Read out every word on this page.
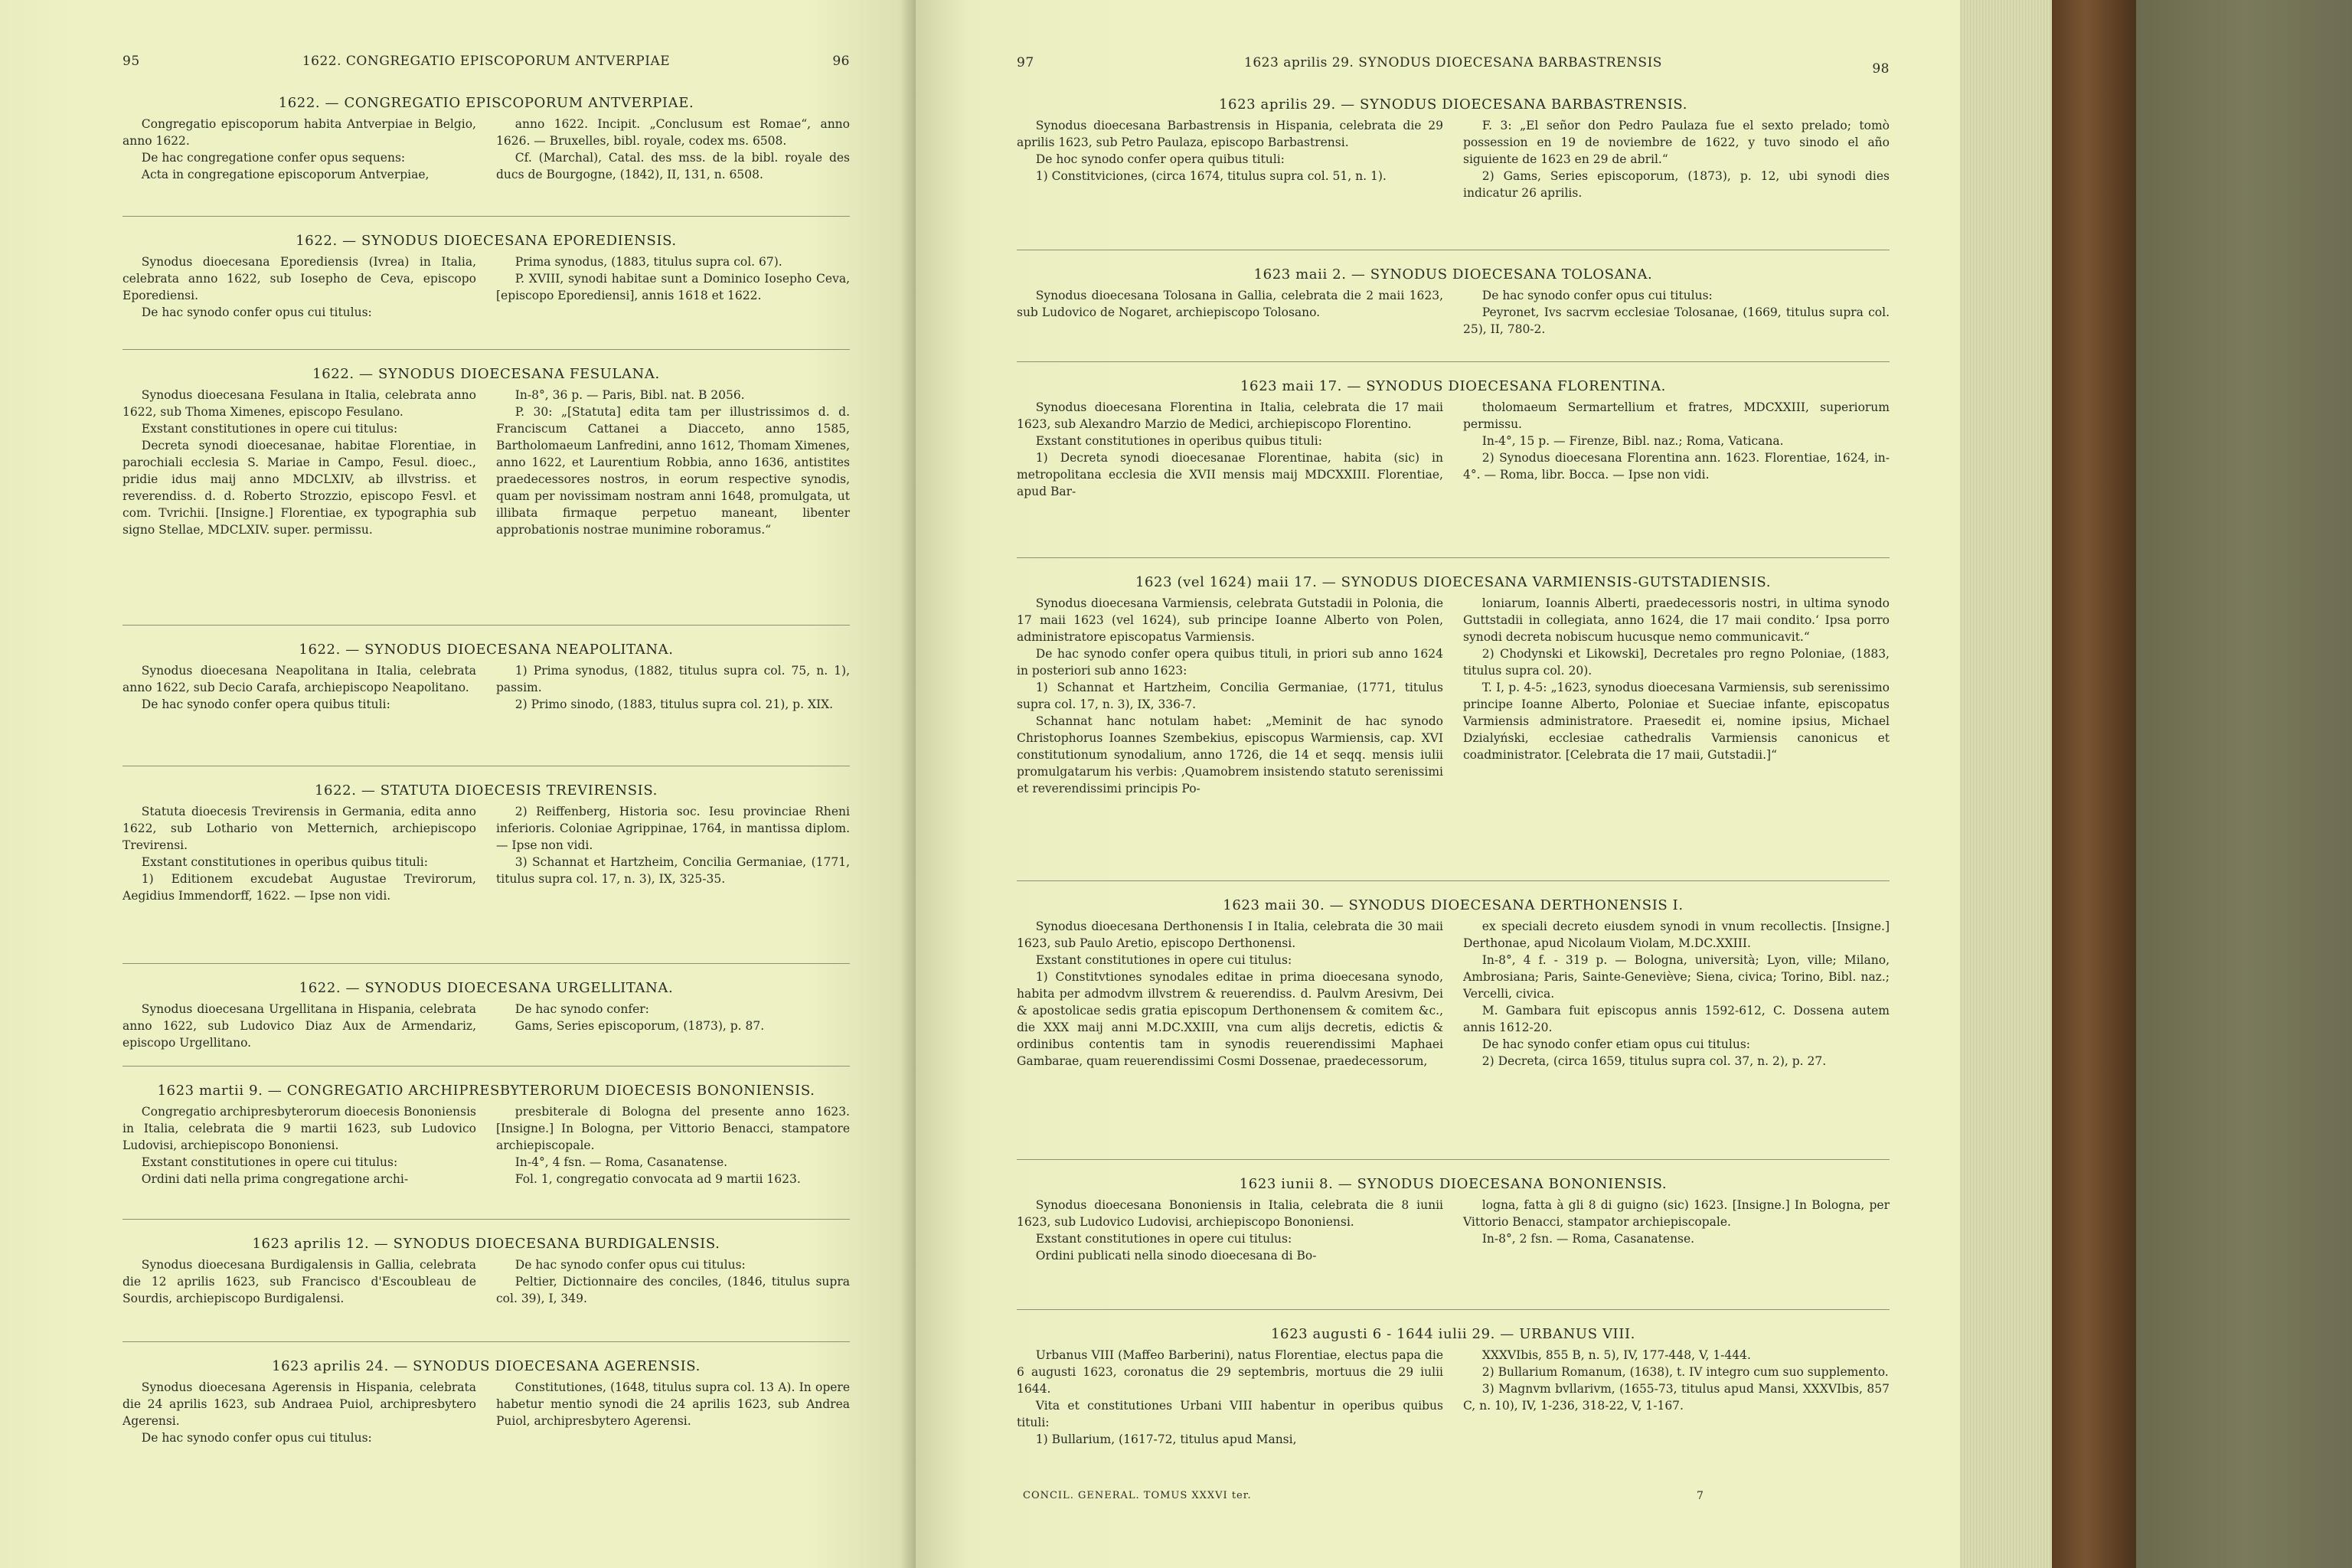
95	1622. CONGREGATIO EPISCOPORUM ANTVERPIAE	96
1622. — CONGREGATIO EPISCOPORUM ANTVERPIAE.

Congregatio episcoporum habita Antverpiae in Belgio, anno 1622.

De hac congregatione confer opus sequens:

Acta in congregatione episcoporum Antverpiae,

anno 1622. Incipit. „Conclusum est Romae“, anno 1626. — Bruxelles, bibl. royale, codex ms. 6508.

Cf. (Marchal), Catal. des mss. de la bibl. royale des ducs de Bourgogne, (1842), II, 131, n. 6508.

1622. — SYNODUS DIOECESANA EPOREDIENSIS.

Synodus dioecesana Eporediensis (Ivrea) in Italia, celebrata anno 1622, sub Iosepho de Ceva, episcopo Eporediensi.

De hac synodo confer opus cui titulus:

Prima synodus, (1883, titulus supra col. 67).

P. XVIII, synodi habitae sunt a Dominico Iosepho Ceva, [episcopo Eporediensi], annis 1618 et 1622.

1622. — SYNODUS DIOECESANA FESULANA.

Synodus dioecesana Fesulana in Italia, celebrata anno 1622, sub Thoma Ximenes, episcopo Fesulano.

Exstant constitutiones in opere cui titulus:

Decreta synodi dioecesanae, habitae Florentiae, in parochiali ecclesia S. Mariae in Campo, Fesul. dioec., pridie idus maij anno MDCLXIV, ab illvstriss. et reverendiss. d. d. Roberto Strozzio, episcopo Fesvl. et com. Tvrichii. [Insigne.] Florentiae, ex typographia sub signo Stellae, MDCLXIV. super. permissu.

In-8°, 36 p. — Paris, Bibl. nat. B 2056.

P. 30: „[Statuta] edita tam per illustrissimos d. d. Franciscum Cattanei a Diacceto, anno 1585, Bartholomaeum Lanfredini, anno 1612, Thomam Ximenes, anno 1622, et Laurentium Robbia, anno 1636, antistites praedecessores nostros, in eorum respective synodis, quam per novissimam nostram anni 1648, promulgata, ut illibata firmaque perpetuo maneant, libenter approbationis nostrae munimine roboramus.“

1622. — SYNODUS DIOECESANA NEAPOLITANA.

Synodus dioecesana Neapolitana in Italia, celebrata anno 1622, sub Decio Carafa, archiepiscopo Neapolitano.

De hac synodo confer opera quibus tituli:

1) Prima synodus, (1882, titulus supra col. 75, n. 1), passim.

2) Primo sinodo, (1883, titulus supra col. 21), p. XIX.

1622. — STATUTA DIOECESIS TREVIRENSIS.

Statuta dioecesis Trevirensis in Germania, edita anno 1622, sub Lothario von Metternich, archiepiscopo Trevirensi.

Exstant constitutiones in operibus quibus tituli:

1) Editionem excudebat Augustae Trevirorum, Aegidius Immendorff, 1622. — Ipse non vidi.

2) Reiffenberg, Historia soc. Iesu provinciae Rheni inferioris. Coloniae Agrippinae, 1764, in mantissa diplom. — Ipse non vidi.

3) Schannat et Hartzheim, Concilia Germaniae, (1771, titulus supra col. 17, n. 3), IX, 325-35.

1622. — SYNODUS DIOECESANA URGELLITANA.

Synodus dioecesana Urgellitana in Hispania, celebrata anno 1622, sub Ludovico Diaz Aux de Armendariz, episcopo Urgellitano.

De hac synodo confer:

Gams, Series episcoporum, (1873), p. 87.

1623 martii 9. — CONGREGATIO ARCHIPRESBYTERORUM DIOECESIS BONONIENSIS.

Congregatio archipresbyterorum dioecesis Bononiensis in Italia, celebrata die 9 martii 1623, sub Ludovico Ludovisi, archiepiscopo Bononiensi.

Exstant constitutiones in opere cui titulus:

Ordini dati nella prima congregatione archi-

presbiterale di Bologna del presente anno 1623. [Insigne.] In Bologna, per Vittorio Benacci, stampatore archiepiscopale.

In-4°, 4 fsn. — Roma, Casanatense.

Fol. 1, congregatio convocata ad 9 martii 1623.

1623 aprilis 12. — SYNODUS DIOECESANA BURDIGALENSIS.

Synodus dioecesana Burdigalensis in Gallia, celebrata die 12 aprilis 1623, sub Francisco d'Escoubleau de Sourdis, archiepiscopo Burdigalensi.

De hac synodo confer opus cui titulus:

Peltier, Dictionnaire des conciles, (1846, titulus supra col. 39), I, 349.

1623 aprilis 24. — SYNODUS DIOECESANA AGERENSIS.

Synodus dioecesana Agerensis in Hispania, celebrata die 24 aprilis 1623, sub Andraea Puiol, archipresbytero Agerensi.

De hac synodo confer opus cui titulus:

Constitutiones, (1648, titulus supra col. 13 A). In opere habetur mentio synodi die 24 aprilis 1623, sub Andrea Puiol, archipresbytero Agerensi.

97	1623 aprilis 29. SYNODUS DIOECESANA BARBASTRENSIS	98
1623 aprilis 29. — SYNODUS DIOECESANA BARBASTRENSIS.

Synodus dioecesana Barbastrensis in Hispania, celebrata die 29 aprilis 1623, sub Petro Paulaza, episcopo Barbastrensi.

De hoc synodo confer opera quibus tituli:

1) Constitviciones, (circa 1674, titulus supra col. 51, n. 1).

F. 3: „El señor don Pedro Paulaza fue el sexto prelado; tomò possession en 19 de noviembre de 1622, y tuvo sinodo el año siguiente de 1623 en 29 de abril.“

2) Gams, Series episcoporum, (1873), p. 12, ubi synodi dies indicatur 26 aprilis.

1623 maii 2. — SYNODUS DIOECESANA TOLOSANA.

Synodus dioecesana Tolosana in Gallia, celebrata die 2 maii 1623, sub Ludovico de Nogaret, archiepiscopo Tolosano.

De hac synodo confer opus cui titulus:

Peyronet, Ivs sacrvm ecclesiae Tolosanae, (1669, titulus supra col. 25), II, 780-2.

1623 maii 17. — SYNODUS DIOECESANA FLORENTINA.

Synodus dioecesana Florentina in Italia, celebrata die 17 maii 1623, sub Alexandro Marzio de Medici, archiepiscopo Florentino.

Exstant constitutiones in operibus quibus tituli:

1) Decreta synodi dioecesanae Florentinae, habita (sic) in metropolitana ecclesia die XVII mensis maij MDCXXIII. Florentiae, apud Bar-

tholomaeum Sermartellium et fratres, MDCXXIII, superiorum permissu.

In-4°, 15 p. — Firenze, Bibl. naz.; Roma, Vaticana.

2) Synodus dioecesana Florentina ann. 1623. Florentiae, 1624, in-4°. — Roma, libr. Bocca. — Ipse non vidi.

1623 (vel 1624) maii 17. — SYNODUS DIOECESANA VARMIENSIS-GUTSTADIENSIS.

Synodus dioecesana Varmiensis, celebrata Gutstadii in Polonia, die 17 maii 1623 (vel 1624), sub principe Ioanne Alberto von Polen, administratore episcopatus Varmiensis.

De hac synodo confer opera quibus tituli, in priori sub anno 1624 in posteriori sub anno 1623:

1) Schannat et Hartzheim, Concilia Germaniae, (1771, titulus supra col. 17, n. 3), IX, 336-7.

Schannat hanc notulam habet: „Meminit de hac synodo Christophorus Ioannes Szembekius, episcopus Warmiensis, cap. XVI constitutionum synodalium, anno 1726, die 14 et seqq. mensis iulii promulgatarum his verbis: ‚Quamobrem insistendo statuto serenissimi et reverendissimi principis Po-

loniarum, Ioannis Alberti, praedecessoris nostri, in ultima synodo Guttstadii in collegiata, anno 1624, die 17 maii condito.‘ Ipsa porro synodi decreta nobiscum hucusque nemo communicavit.“

2) Chodynski et Likowski], Decretales pro regno Poloniae, (1883, titulus supra col. 20).

T. I, p. 4-5: „1623, synodus dioecesana Varmiensis, sub serenissimo principe Ioanne Alberto, Poloniae et Sueciae infante, episcopatus Varmiensis administratore. Praesedit ei, nomine ipsius, Michael Dzialyński, ecclesiae cathedralis Varmiensis canonicus et coadministrator. [Celebrata die 17 maii, Gutstadii.]“

1623 maii 30. — SYNODUS DIOECESANA DERTHONENSIS I.

Synodus dioecesana Derthonensis I in Italia, celebrata die 30 maii 1623, sub Paulo Aretio, episcopo Derthonensi.

Exstant constitutiones in opere cui titulus:

1) Constitvtiones synodales editae in prima dioecesana synodo, habita per admodvm illvstrem & reuerendiss. d. Paulvm Aresivm, Dei & apostolicae sedis gratia episcopum Derthonensem & comitem &c., die XXX maij anni M.DC.XXIII, vna cum alijs decretis, edictis & ordinibus contentis tam in synodis reuerendissimi Maphaei Gambarae, quam reuerendissimi Cosmi Dossenae, praedecessorum,

ex speciali decreto eiusdem synodi in vnum recollectis. [Insigne.] Derthonae, apud Nicolaum Violam, M.DC.XXIII.

In-8°, 4 f. - 319 p. — Bologna, università; Lyon, ville; Milano, Ambrosiana; Paris, Sainte-Geneviève; Siena, civica; Torino, Bibl. naz.; Vercelli, civica.

M. Gambara fuit episcopus annis 1592-612, C. Dossena autem annis 1612-20.

De hac synodo confer etiam opus cui titulus:

2) Decreta, (circa 1659, titulus supra col. 37, n. 2), p. 27.

1623 iunii 8. — SYNODUS DIOECESANA BONONIENSIS.

Synodus dioecesana Bononiensis in Italia, celebrata die 8 iunii 1623, sub Ludovico Ludovisi, archiepiscopo Bononiensi.

Exstant constitutiones in opere cui titulus:

Ordini publicati nella sinodo dioecesana di Bo-

logna, fatta à gli 8 di guigno (sic) 1623. [Insigne.] In Bologna, per Vittorio Benacci, stampator archiepiscopale.

In-8°, 2 fsn. — Roma, Casanatense.

1623 augusti 6 - 1644 iulii 29. — URBANUS VIII.

Urbanus VIII (Maffeo Barberini), natus Florentiae, electus papa die 6 augusti 1623, coronatus die 29 septembris, mortuus die 29 iulii 1644.

Vita et constitutiones Urbani VIII habentur in operibus quibus tituli:

1) Bullarium, (1617-72, titulus apud Mansi,

XXXVIbis, 855 B, n. 5), IV, 177-448, V, 1-444.

2) Bullarium Romanum, (1638), t. IV integro cum suo supplemento.

3) Magnvm bvllarivm, (1655-73, titulus apud Mansi, XXXVIbis, 857 C, n. 10), IV, 1-236, 318-22, V, 1-167.

CONCIL. GENERAL. TOMUS XXXVI ter.	7
